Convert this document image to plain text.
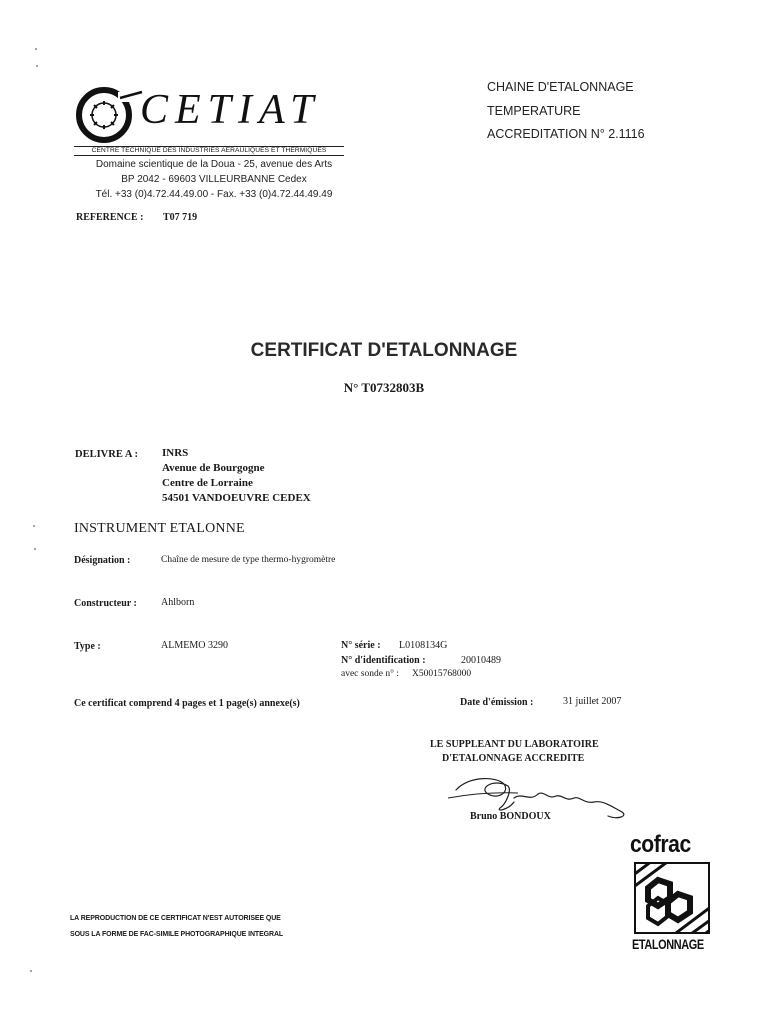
CETIAT
CENTRE TECHNIQUE DES INDUSTRIES AERAULIQUES ET THERMIQUES
Domaine scientique de la Doua - 25, avenue des Arts
BP 2042 - 69603 VILLEURBANNE Cedex
Tél. +33 (0)4.72.44.49.00 - Fax. +33 (0)4.72.44.49.49
REFERENCE : T07 719
CHAINE D'ETALONNAGE
TEMPERATURE
ACCREDITATION N° 2.1116
CERTIFICAT D'ETALONNAGE
N° T0732803B
DELIVRE A : INRS
Avenue de Bourgogne
Centre de Lorraine
54501 VANDOEUVRE CEDEX
INSTRUMENT ETALONNE
Désignation :	Chaîne de mesure de type thermo-hygromètre
Constructeur : Ahlborn
Type :	ALMEMO 3290	N° série : L0108134G
N° d'identification :	20010489
avec sonde n° : X50015768000
Ce certificat comprend 4 pages et 1 page(s) annexe(s)	Date d'émission :	31 juillet 2007
LE SUPPLEANT DU LABORATOIRE
D'ETALONNAGE ACCREDITE
Bruno BONDOUX
LA REPRODUCTION DE CE CERTIFICAT N'EST AUTORISEE QUE
SOUS LA FORME DE FAC-SIMILE PHOTOGRAPHIQUE INTEGRAL
cofrac
ETALONNAGE
